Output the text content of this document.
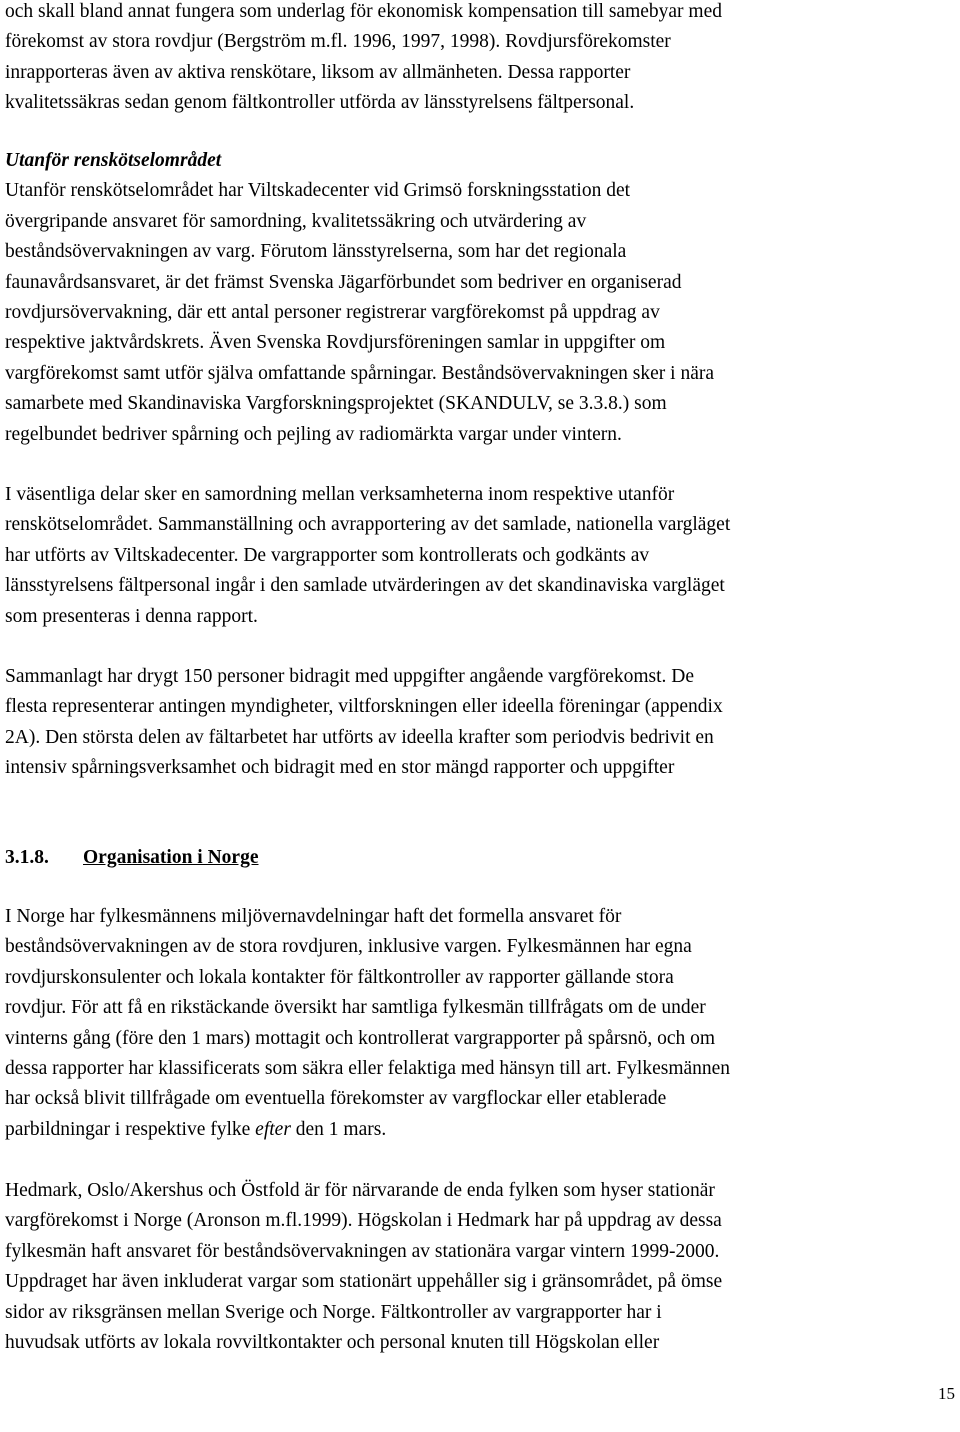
och skall bland annat fungera som underlag för ekonomisk kompensation till samebyar med
förekomst av stora rovdjur (Bergström m.fl. 1996, 1997, 1998). Rovdjursförekomster
inrapporteras även av aktiva renskötare, liksom av allmänheten. Dessa rapporter
kvalitetssäkras sedan genom fältkontroller utförda av länsstyrelsens fältpersonal.

Utanför renskötselområdet
Utanför renskötselområdet har Viltskadecenter vid Grimsö forskningsstation det
övergripande ansvaret för samordning, kvalitetssäkring och utvärdering av
beståndsövervakningen av varg. Förutom länsstyrelserna, som har det regionala
faunavårdsansvaret, är det främst Svenska Jägarförbundet som bedriver en organiserad
rovdjursövervakning, där ett antal personer registrerar vargförekomst på uppdrag av
respektive jaktvårdskrets. Även Svenska Rovdjursföreningen samlar in uppgifter om
vargförekomst samt utför själva omfattande spårningar. Beståndsövervakningen sker i nära
samarbete med Skandinaviska Vargforskningsprojektet (SKANDULV, se 3.3.8.) som
regelbundet bedriver spårning och pejling av radiomärkta vargar under vintern.

I väsentliga delar sker en samordning mellan verksamheterna inom respektive utanför
renskötselområdet. Sammanställning och avrapportering av det samlade, nationella vargläget
har utförts av Viltskadecenter. De vargrapporter som kontrollerats och godkänts av
länsstyrelsens fältpersonal ingår i den samlade utvärderingen av det skandinaviska vargläget
som presenteras i denna rapport.

Sammanlagt har drygt 150 personer bidragit med uppgifter angående vargförekomst. De
flesta representerar antingen myndigheter, viltforskningen eller ideella föreningar (appendix
2A). Den största delen av fältarbetet har utförts av ideella krafter som periodvis bedrivit en
intensiv spårningsverksamhet och bidragit med en stor mängd rapporter och uppgifter

3.1.8. Organisation i Norge

I Norge har fylkesmännens miljövernavdelningar haft det formella ansvaret för
beståndsövervakningen av de stora rovdjuren, inklusive vargen. Fylkesmännen har egna
rovdjurskonsulenter och lokala kontakter för fältkontroller av rapporter gällande stora
rovdjur. För att få en rikstäckande översikt har samtliga fylkesmän tillfrågats om de under
vinterns gång (före den 1 mars) mottagit och kontrollerat vargrapporter på spårsnö, och om
dessa rapporter har klassificerats som säkra eller felaktiga med hänsyn till art. Fylkesmännen
har också blivit tillfrågade om eventuella förekomster av vargflockar eller etablerade
parbildningar i respektive fylke efter den 1 mars.

Hedmark, Oslo/Akershus och Östfold är för närvarande de enda fylken som hyser stationär
vargförekomst i Norge (Aronson m.fl.1999). Högskolan i Hedmark har på uppdrag av dessa
fylkesmän haft ansvaret för beståndsövervakningen av stationära vargar vintern 1999-2000.
Uppdraget har även inkluderat vargar som stationärt uppehåller sig i gränsområdet, på ömse
sidor av riksgränsen mellan Sverige och Norge. Fältkontroller av vargrapporter har i
huvudsak utförts av lokala rovviltkontakter och personal knuten till Högskolan eller

15
